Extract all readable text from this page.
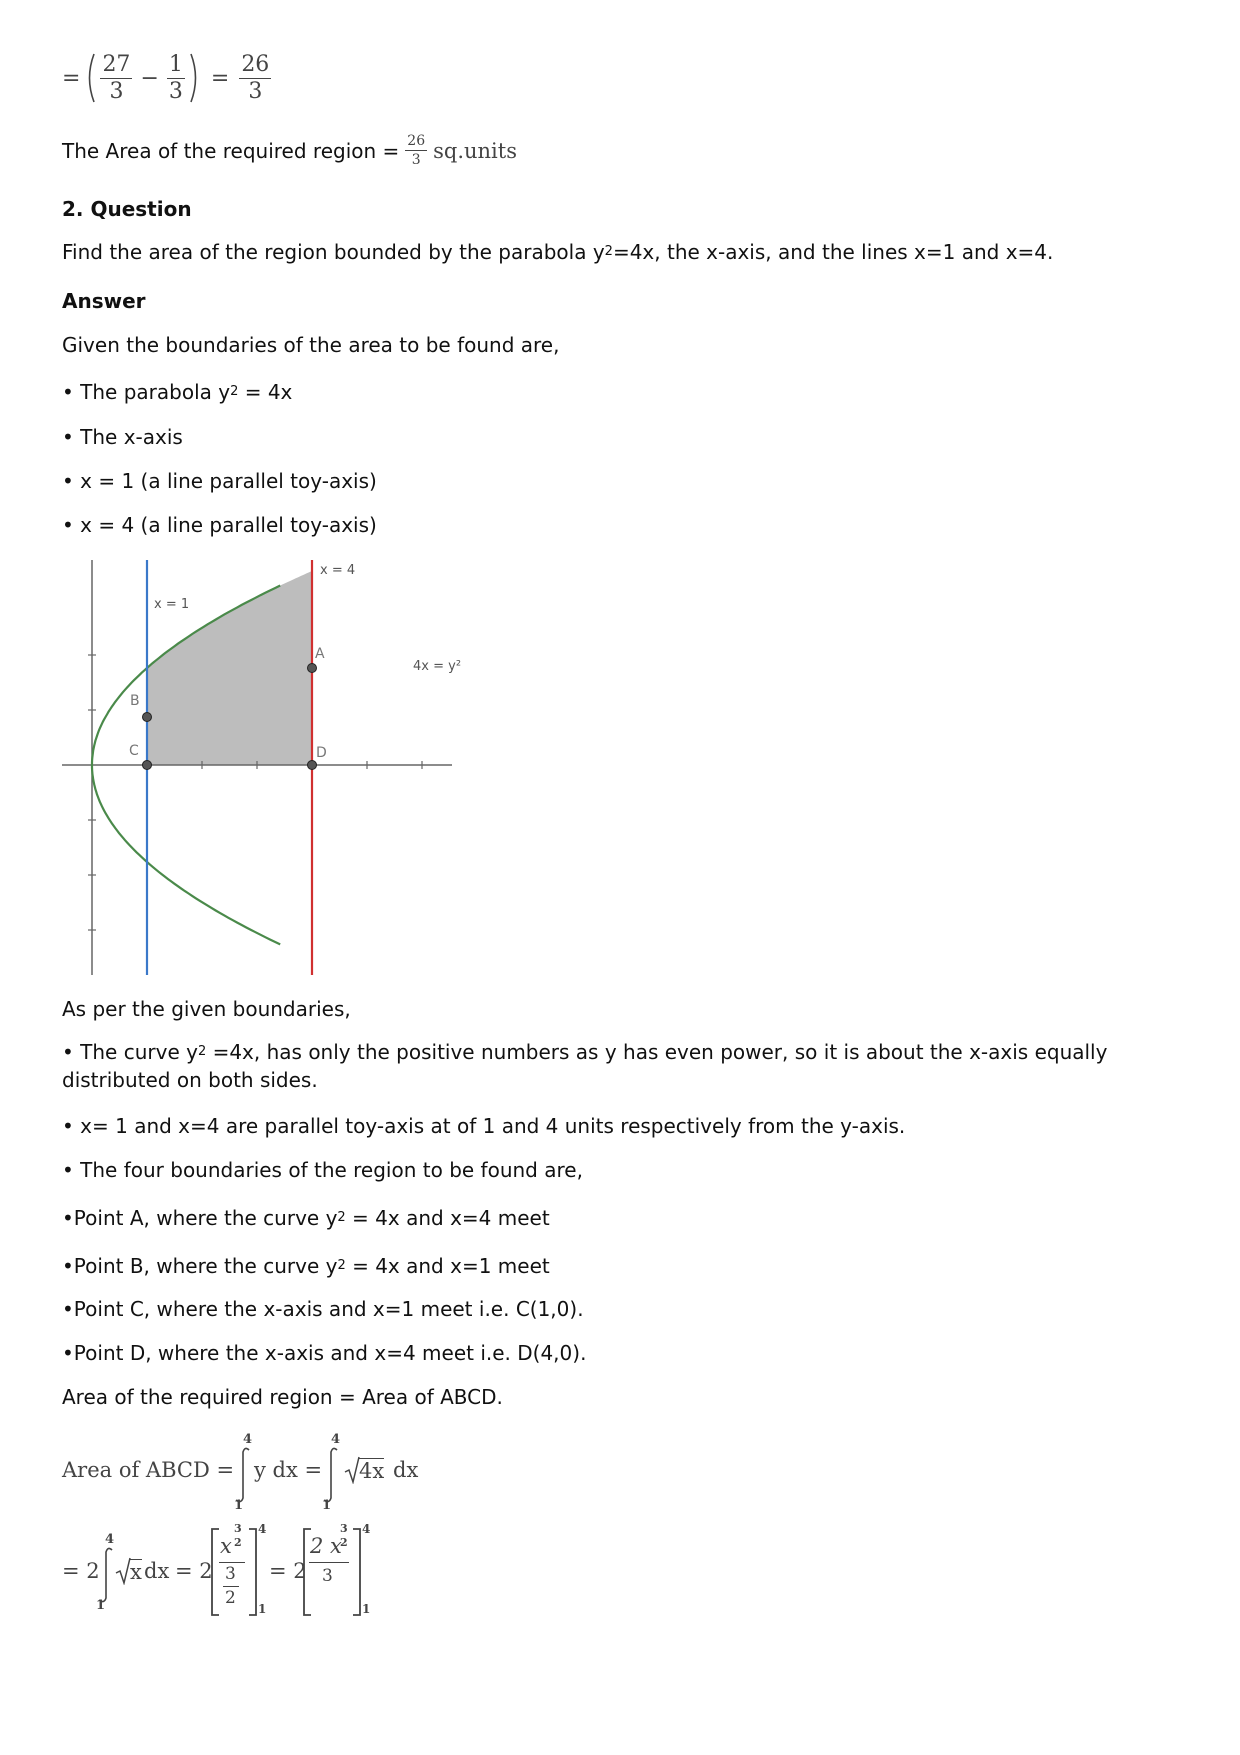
= $\frac{27}{3} - \frac{1}{3} = \frac{26}{3}$
The Area of the required region = $\frac{26}{3}$ sq.units
2. Question
Find the area of the region bounded by the parabola $y^2=4x$, the x-axis, and the lines x=1 and x=4.
Answer
Given the boundaries of the area to be found are,
• The parabola $y^2 = 4x$
• The x-axis
• x = 1 (a line parallel toy-axis)
• x = 4 (a line parallel toy-axis)
x = 1
x = 4
4x = y²
A
B
C	D
As per the given boundaries,
• The curve $y^2 =4x$, has only the positive numbers as y has even power, so it is about the x-axis equally distributed on both sides.
• x= 1 and x=4 are parallel toy-axis at of 1 and 4 units respectively from the y-axis.
• The four boundaries of the region to be found are,
•Point A, where the curve $y^2 = 4x$ and x=4 meet
•Point B, where the curve $y^2 = 4x$ and x=1 meet
•Point C, where the x-axis and x=1 meet i.e. C(1,0).
•Point D, where the x-axis and x=4 meet i.e. D(4,0).
Area of the required region = Area of ABCD.
Area of ABCD =
4
1
y dx =
4
1
4x dx
= 2
4
1
x dx = 2
3
2
x
3
2
4
1
= 2
2 x
3
2
3
4
1
